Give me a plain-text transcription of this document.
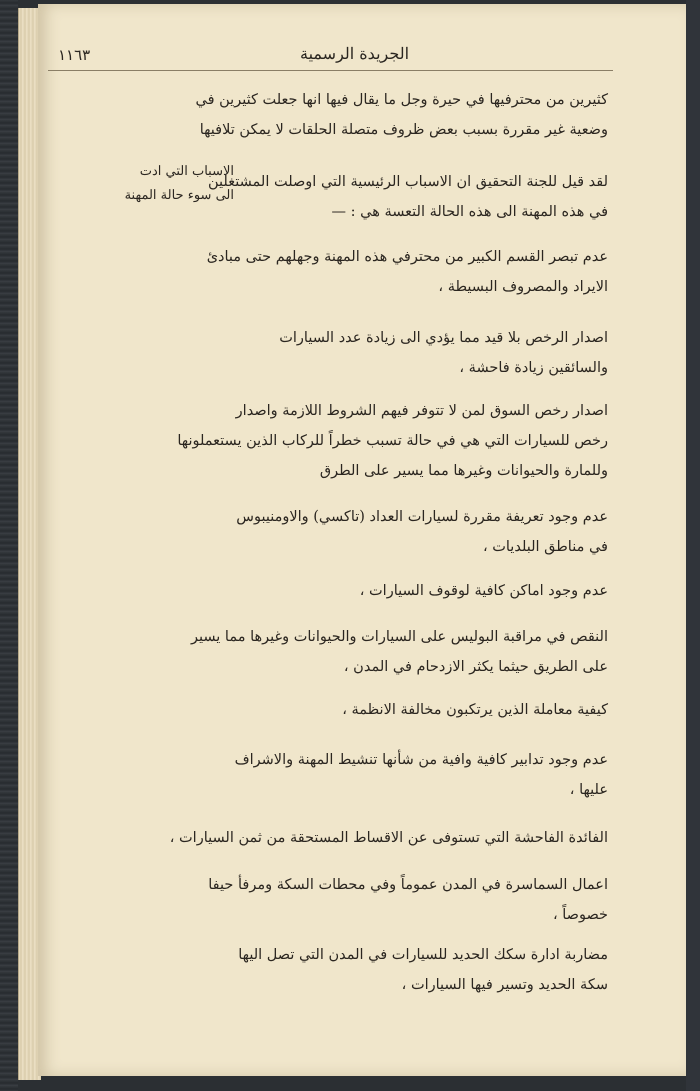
١١٦٣	الجريدة الرسمية
الاسباب التي ادت
الى سوء حالة المهنة
كثيرين من محترفيها في حيرة وجل ما يقال فيها انها جعلت كثيرين في
وضعية غير مقررة بسبب بعض ظروف متصلة الحلقات لا يمكن تلافيها
لقد قيل للجنة التحقيق ان الاسباب الرئيسية التي اوصلت المشتغلين
في هذه المهنة الى هذه الحالة التعسة هي : —
عدم تبصر القسم الكبير من محترفي هذه المهنة وجهلهم حتى مبادئ
الايراد والمصروف البسيطة ،
اصدار الرخص بلا قيد مما يؤدي الى زيادة عدد السيارات
والسائقين زيادة فاحشة ،
اصدار رخص السوق لمن لا تتوفر فيهم الشروط اللازمة واصدار
رخص للسيارات التي هي في حالة تسبب خطراً للركاب الذين يستعملونها
وللمارة والحيوانات وغيرها مما يسير على الطرق
عدم وجود تعريفة مقررة لسيارات العداد (تاكسي) والاومنيبوس
في مناطق البلديات ،
عدم وجود اماكن كافية لوقوف السيارات ،
النقص في مراقبة البوليس على السيارات والحيوانات وغيرها مما يسير
على الطريق حيثما يكثر الازدحام في المدن ،
كيفية معاملة الذين يرتكبون مخالفة الانظمة ،
عدم وجود تدابير كافية وافية من شأنها تنشيط المهنة والاشراف
عليها ،
الفائدة الفاحشة التي تستوفى عن الاقساط المستحقة من ثمن السيارات ،
اعمال السماسرة في المدن عموماً وفي محطات السكة ومرفأ حيفا
خصوصاً ،
مضاربة ادارة سكك الحديد للسيارات في المدن التي تصل اليها
سكة الحديد وتسير فيها السيارات ،
